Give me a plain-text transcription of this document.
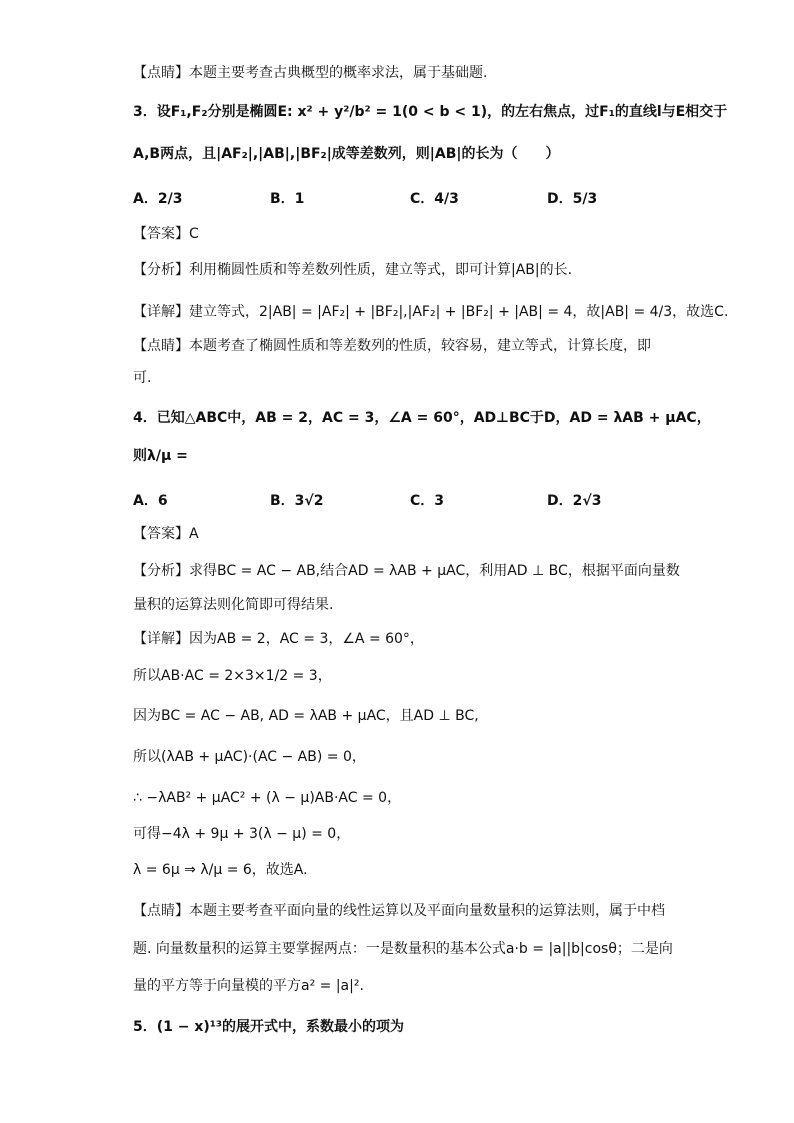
【点睛】本题主要考查古典概型的概率求法，属于基础题.
3．设F₁,F₂分别是椭圆E: x² + y²/b² = 1(0 < b < 1)，的左右焦点，过F₁的直线l与E相交于
A,B两点，且|AF₂|,|AB|,|BF₂|成等差数列，则|AB|的长为（　　）
A．2/3	B．1	C．4/3	D．5/3
【答案】C
【分析】利用椭圆性质和等差数列性质，建立等式，即可计算|AB|的长.
【详解】建立等式，2|AB| = |AF₂| + |BF₂|,|AF₂| + |BF₂| + |AB| = 4，故|AB| = 4/3，故选C.
【点睛】本题考查了椭圆性质和等差数列的性质，较容易，建立等式，计算长度，即
可.
4．已知△ABC中，AB = 2，AC = 3，∠A = 60°，AD⊥BC于D，AD = λAB + μAC，
则λ/μ =
A．6	B．3√2	C．3	D．2√3
【答案】A
【分析】求得BC = AC − AB,结合AD = λAB + μAC，利用AD ⊥ BC，根据平面向量数
量积的运算法则化简即可得结果.
【详解】因为AB = 2，AC = 3，∠A = 60°，
所以AB·AC = 2×3×1/2 = 3，
因为BC = AC − AB, AD = λAB + μAC，且AD ⊥ BC,
所以(λAB + μAC)·(AC − AB) = 0，
∴ −λAB² + μAC² + (λ − μ)AB·AC = 0，
可得−4λ + 9μ + 3(λ − μ) = 0，
λ = 6μ ⇒ λ/μ = 6，故选A.
【点睛】本题主要考查平面向量的线性运算以及平面向量数量积的运算法则，属于中档
题. 向量数量积的运算主要掌握两点：一是数量积的基本公式a·b = |a||b|cosθ；二是向
量的平方等于向量模的平方a² = |a|².
5．(1 − x)¹³的展开式中，系数最小的项为
